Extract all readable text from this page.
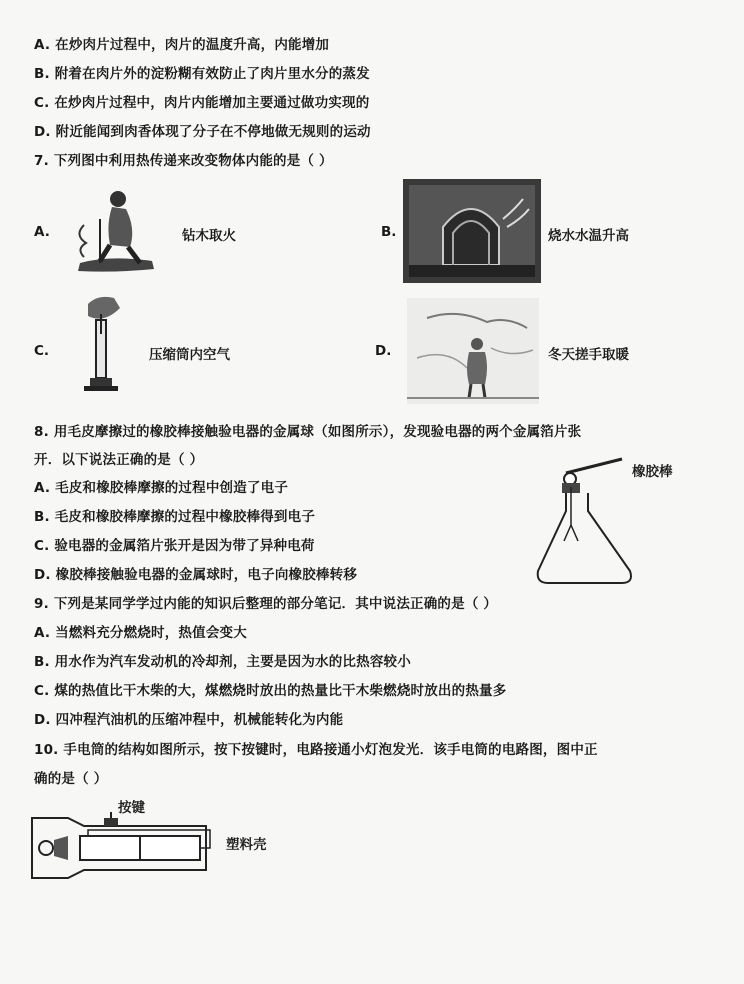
A. 在炒肉片过程中，肉片的温度升高，内能增加
B. 附着在肉片外的淀粉糊有效防止了肉片里水分的蒸发
C. 在炒肉片过程中，肉片内能增加主要通过做功实现的
D. 附近能闻到肉香体现了分子在不停地做无规则的运动
7. 下列图中利用热传递来改变物体内能的是（ ）
A.	钻木取火	B.	烧水水温升高
C.	压缩筒内空气	D.	冬天搓手取暖
8. 用毛皮摩擦过的橡胶棒接触验电器的金属球（如图所示），发现验电器的两个金属箔片张
开．以下说法正确的是（ ）
A. 毛皮和橡胶棒摩擦的过程中创造了电子
B. 毛皮和橡胶棒摩擦的过程中橡胶棒得到电子
C. 验电器的金属箔片张开是因为带了异种电荷
D. 橡胶棒接触验电器的金属球时，电子向橡胶棒转移
橡胶棒
9. 下列是某同学学过内能的知识后整理的部分笔记．其中说法正确的是（ ）
A. 当燃料充分燃烧时，热值会变大
B. 用水作为汽车发动机的冷却剂，主要是因为水的比热容较小
C. 煤的热值比干木柴的大，煤燃烧时放出的热量比干木柴燃烧时放出的热量多
D. 四冲程汽油机的压缩冲程中，机械能转化为内能
10. 手电筒的结构如图所示，按下按键时，电路接通小灯泡发光．该手电筒的电路图，图中正
确的是（ ）
按键
塑料壳
